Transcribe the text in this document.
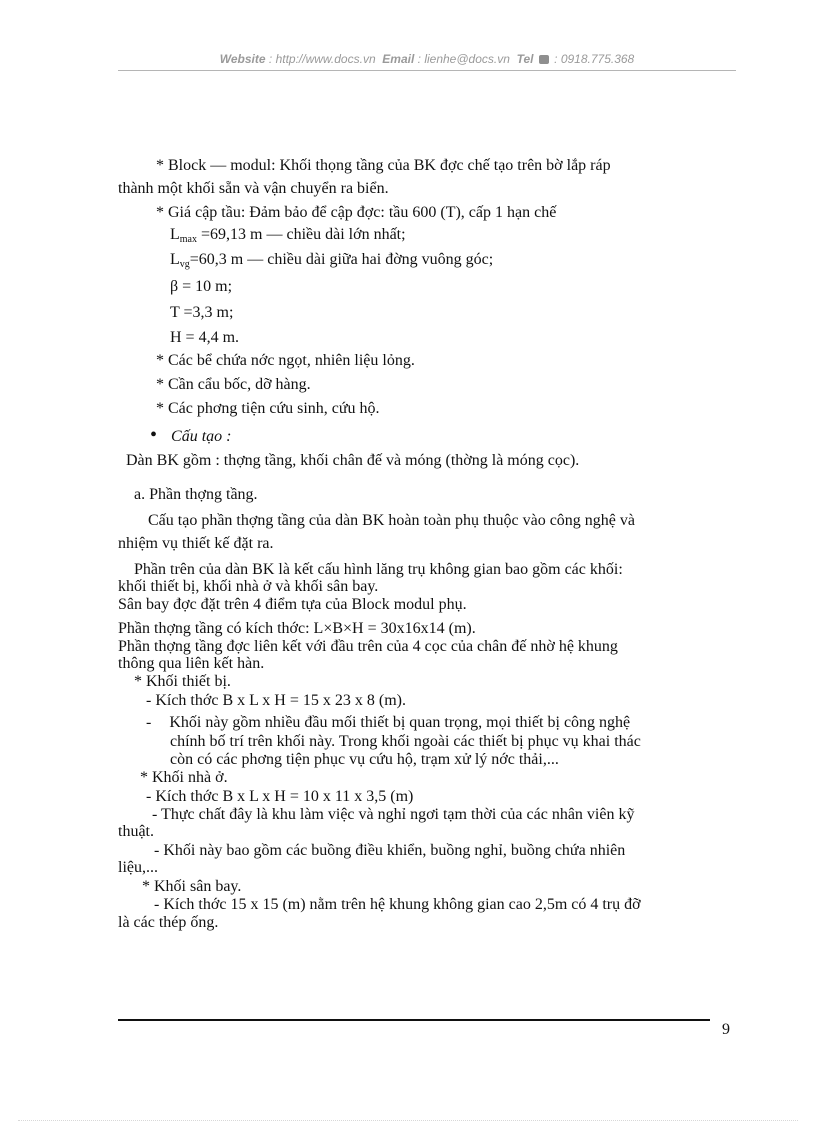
Website : http://www.docs.vn Email : lienhe@docs.vn Tel : 0918.775.368
* Block — modul: Khối thọng tầng của BK đợc chế tạo trên bờ lắp ráp
thành một khối sẵn và vận chuyển ra biển.
* Giá cập tầu: Đảm bảo để cập đợc: tầu 600 (T), cấp 1 hạn chế
Lmax =69,13 m — chiều dài lớn nhất;
Lvg=60,3 m — chiều dài giữa hai đờng vuông góc;
β = 10 m;
T =3,3 m;
H = 4,4 m.
* Các bể chứa nớc ngọt, nhiên liệu lỏng.
* Cần cẩu bốc, dỡ hàng.
* Các phơng tiện cứu sinh, cứu hộ.
• Cấu tạo :
Dàn BK gồm : thợng tầng, khối chân đế và móng (thờng là móng cọc).
a. Phần thợng tầng.
Cấu tạo phần thợng tầng của dàn BK hoàn toàn phụ thuộc vào công nghệ và
nhiệm vụ thiết kế đặt ra.
Phần trên của dàn BK là kết cấu hình lăng trụ không gian bao gồm các khối:
khối thiết bị, khối nhà ở và khối sân bay.
Sân bay đợc đặt trên 4 điểm tựa của Block modul phụ.
Phần thợng tầng có kích thớc: L×B×H = 30x16x14 (m).
Phần thợng tầng đợc liên kết với đầu trên của 4 cọc của chân đế nhờ hệ khung
thông qua liên kết hàn.
* Khối thiết bị.
- Kích thớc B x L x H = 15 x 23 x 8 (m).
- Khối này gồm nhiều đầu mối thiết bị quan trọng, mọi thiết bị công nghệ
chính bố trí trên khối này. Trong khối ngoài các thiết bị phục vụ khai thác
còn có các phơng tiện phục vụ cứu hộ, trạm xử lý nớc thải,...
* Khối nhà ở.
- Kích thớc B x L x H = 10 x 11 x 3,5 (m)
- Thực chất đây là khu làm việc và nghỉ ngơi tạm thời của các nhân viên kỹ
thuật.
- Khối này bao gồm các buồng điều khiển, buồng nghỉ, buồng chứa nhiên
liệu,...
* Khối sân bay.
- Kích thớc 15 x 15 (m) nằm trên hệ khung không gian cao 2,5m có 4 trụ đỡ
là các thép ống.
9
